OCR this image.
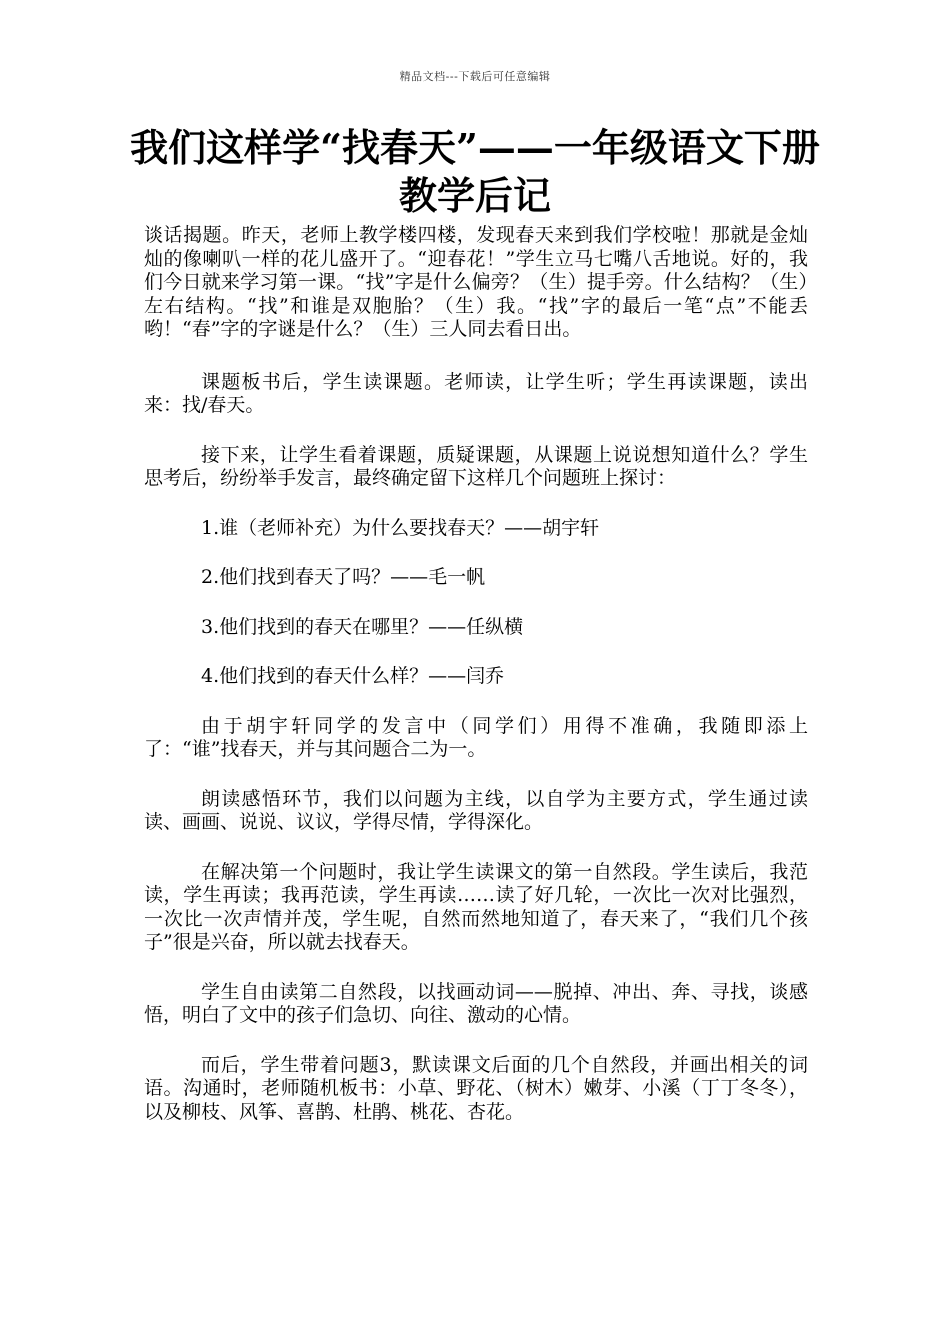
精品文档---下载后可任意编辑
我们这样学“找春天”——一年级语文下册教学后记

谈话揭题。昨天，老师上教学楼四楼，发现春天来到我们学校啦！那就是金灿灿的像喇叭一样的花儿盛开了。“迎春花！”学生立马七嘴八舌地说。好的，我们今日就来学习第一课。“找”字是什么偏旁？（生）提手旁。什么结构？（生）左右结构。“找”和谁是双胞胎？（生）我。“找”字的最后一笔“点”不能丢哟！“春”字的字谜是什么？（生）三人同去看日出。

课题板书后，学生读课题。老师读，让学生听；学生再读课题，读出来：找/春天。

接下来，让学生看着课题，质疑课题，从课题上说说想知道什么？学生思考后，纷纷举手发言，最终确定留下这样几个问题班上探讨：

1.谁（老师补充）为什么要找春天？——胡宇轩

2.他们找到春天了吗？——毛一帆

3.他们找到的春天在哪里？——任纵横

4.他们找到的春天什么样？——闫乔

由于胡宇轩同学的发言中（同学们）用得不准确，我随即添上了：“谁”找春天，并与其问题合二为一。

朗读感悟环节，我们以问题为主线，以自学为主要方式，学生通过读读、画画、说说、议议，学得尽情，学得深化。

在解决第一个问题时，我让学生读课文的第一自然段。学生读后，我范读，学生再读；我再范读，学生再读……读了好几轮，一次比一次对比强烈，一次比一次声情并茂，学生呢，自然而然地知道了，春天来了，“我们几个孩子”很是兴奋，所以就去找春天。

学生自由读第二自然段，以找画动词——脱掉、冲出、奔、寻找，谈感悟，明白了文中的孩子们急切、向往、激动的心情。

而后，学生带着问题3，默读课文后面的几个自然段，并画出相关的词语。沟通时，老师随机板书：小草、野花、（树木）嫩芽、小溪（丁丁冬冬），以及柳枝、风筝、喜鹊、杜鹃、桃花、杏花。
